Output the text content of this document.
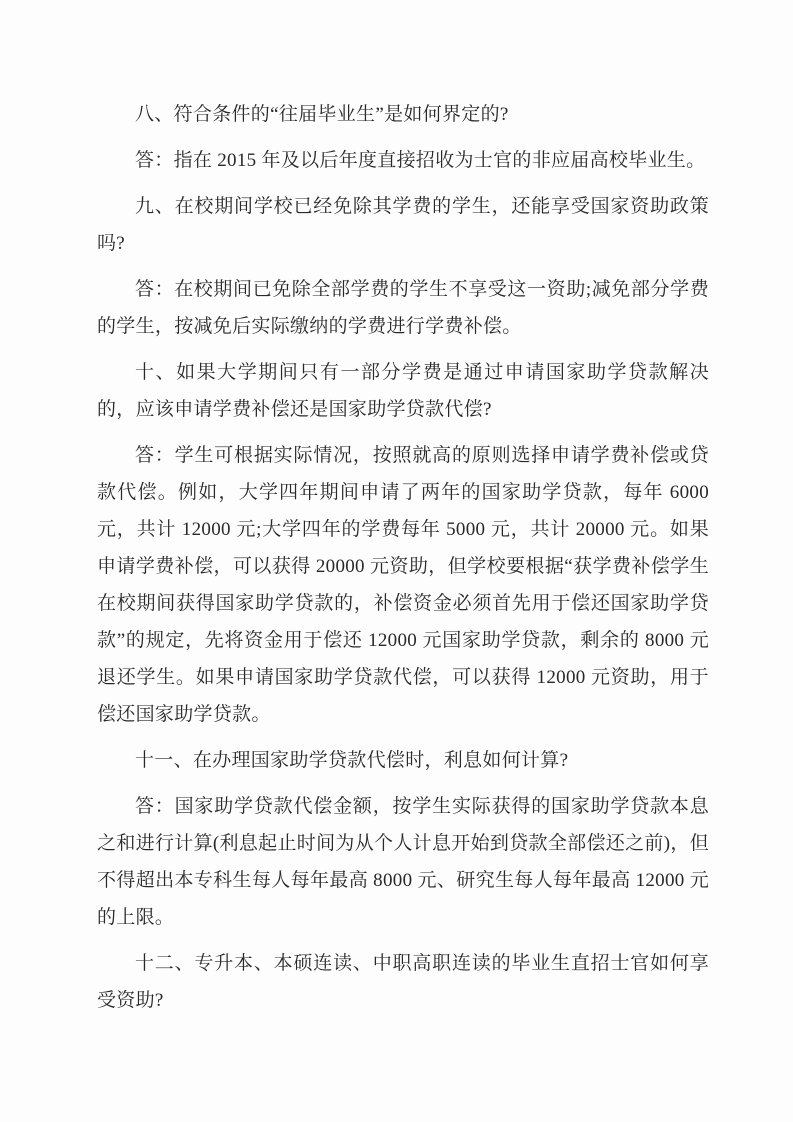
八、符合条件的“往届毕业生”是如何界定的?

答：指在 2015 年及以后年度直接招收为士官的非应届高校毕业生。

九、在校期间学校已经免除其学费的学生，还能享受国家资助政策吗?

答：在校期间已免除全部学费的学生不享受这一资助;减免部分学费的学生，按减免后实际缴纳的学费进行学费补偿。

十、如果大学期间只有一部分学费是通过申请国家助学贷款解决的，应该申请学费补偿还是国家助学贷款代偿?

答：学生可根据实际情况，按照就高的原则选择申请学费补偿或贷款代偿。例如，大学四年期间申请了两年的国家助学贷款，每年 6000 元，共计 12000 元;大学四年的学费每年 5000 元，共计 20000 元。如果申请学费补偿，可以获得 20000 元资助，但学校要根据“获学费补偿学生在校期间获得国家助学贷款的，补偿资金必须首先用于偿还国家助学贷款”的规定，先将资金用于偿还 12000 元国家助学贷款，剩余的 8000 元退还学生。如果申请国家助学贷款代偿，可以获得 12000 元资助，用于偿还国家助学贷款。

十一、在办理国家助学贷款代偿时，利息如何计算?

答：国家助学贷款代偿金额，按学生实际获得的国家助学贷款本息之和进行计算(利息起止时间为从个人计息开始到贷款全部偿还之前)，但不得超出本专科生每人每年最高 8000 元、研究生每人每年最高 12000 元的上限。

十二、专升本、本硕连读、中职高职连读的毕业生直招士官如何享受资助?
